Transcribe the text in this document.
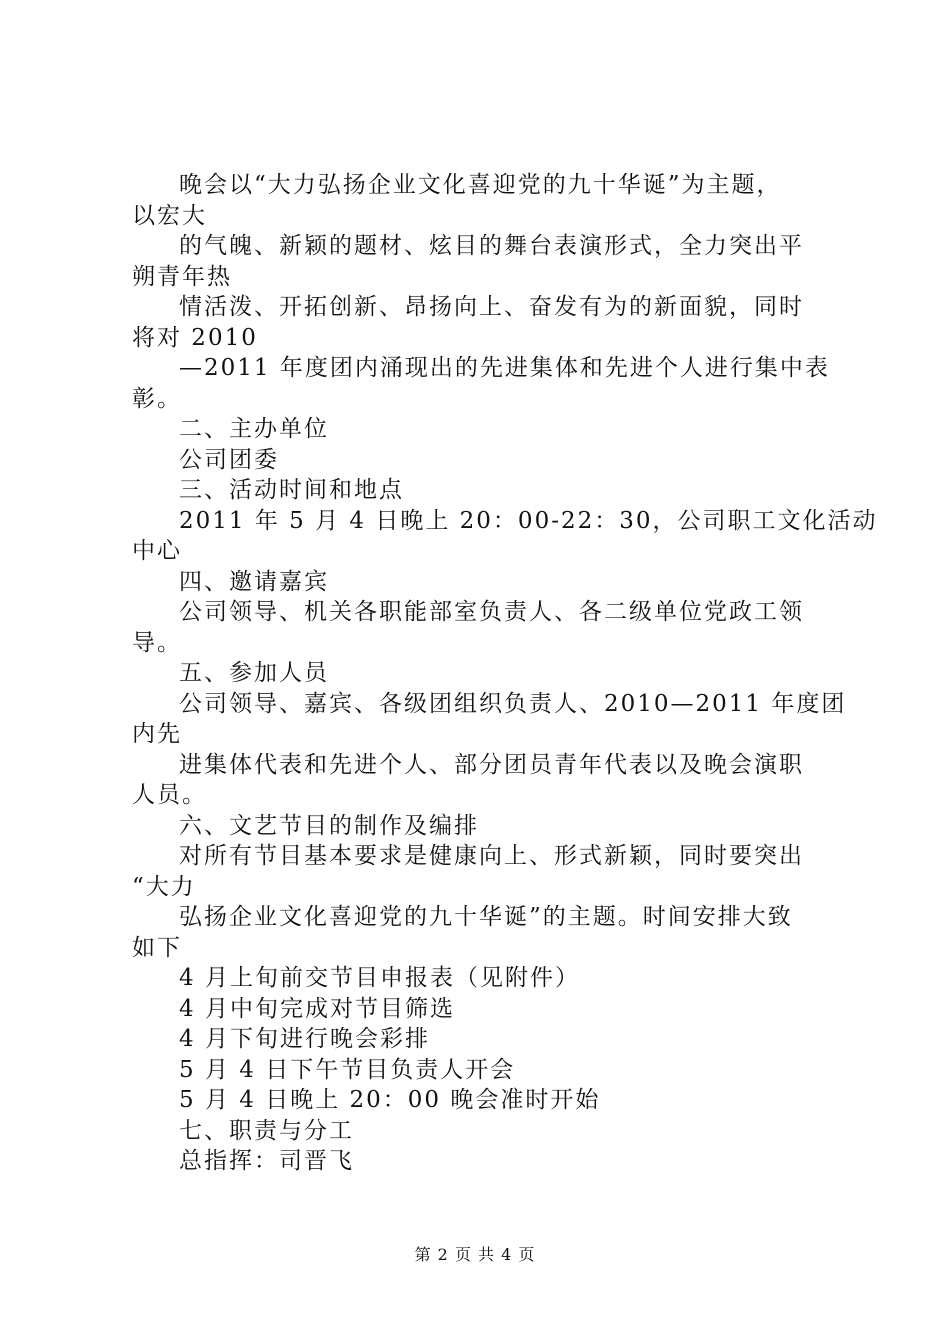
晚会以“大力弘扬企业文化喜迎党的九十华诞”为主题，
以宏大
的气魄、新颖的题材、炫目的舞台表演形式，全力突出平
朔青年热
情活泼、开拓创新、昂扬向上、奋发有为的新面貌，同时
将对 2010
—2011 年度团内涌现出的先进集体和先进个人进行集中表
彰。
二、主办单位
公司团委
三、活动时间和地点
2011 年 5 月 4 日晚上 20：00-22：30，公司职工文化活动
中心
四、邀请嘉宾
公司领导、机关各职能部室负责人、各二级单位党政工领
导。
五、参加人员
公司领导、嘉宾、各级团组织负责人、2010—2011 年度团
内先
进集体代表和先进个人、部分团员青年代表以及晚会演职
人员。
六、文艺节目的制作及编排
对所有节目基本要求是健康向上、形式新颖，同时要突出
“大力
弘扬企业文化喜迎党的九十华诞”的主题。时间安排大致
如下
4 月上旬前交节目申报表（见附件）
4 月中旬完成对节目筛选
4 月下旬进行晚会彩排
5 月 4 日下午节目负责人开会
5 月 4 日晚上 20：00 晚会准时开始
七、职责与分工
总指挥：司晋飞
第 2 页 共 4 页
